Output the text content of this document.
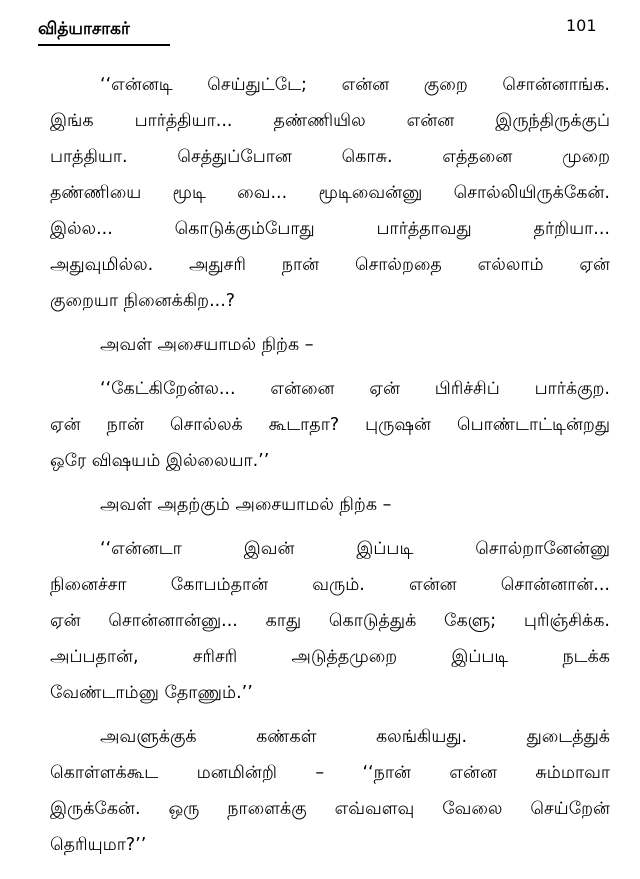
வித்யாசாகர்	101
‘‘என்னடி செய்துட்டே; என்ன குறை சொன்னாங்க.
இங்க பார்த்தியா... தண்ணியில என்ன இருந்திருக்குப்
பாத்தியா. செத்துப்போன கொசு. எத்தனை முறை
தண்ணியை மூடி வை... மூடிவைன்னு சொல்லியிருக்கேன்.
இல்ல... கொடுக்கும்போது பார்த்தாவது தர்றியா...
அதுவுமில்ல. அதுசரி நான் சொல்றதை எல்லாம் ஏன்
குறையா நினைக்கிற...?
அவள் அசையாமல் நிற்க –
‘‘கேட்கிறேன்ல... என்னை ஏன் பிரிச்சிப் பார்க்குற.
ஏன் நான் சொல்லக் கூடாதா? புருஷன் பொண்டாட்டின்றது
ஒரே விஷயம் இல்லையா.’’
அவள் அதற்கும் அசையாமல் நிற்க –
‘‘என்னடா இவன் இப்படி சொல்றானேன்னு
நினைச்சா கோபம்தான் வரும். என்ன சொன்னான்...
ஏன் சொன்னான்னு... காது கொடுத்துக் கேளு; புரிஞ்சிக்க.
அப்பதான், சரிசரி அடுத்தமுறை இப்படி நடக்க
வேண்டாம்னு தோணும்.’’
அவளுக்குக் கண்கள் கலங்கியது. துடைத்துக்
கொள்ளக்கூட மனமின்றி – ‘‘நான் என்ன சும்மாவா
இருக்கேன். ஒரு நாளைக்கு எவ்வளவு வேலை செய்றேன்
தெரியுமா?’’
